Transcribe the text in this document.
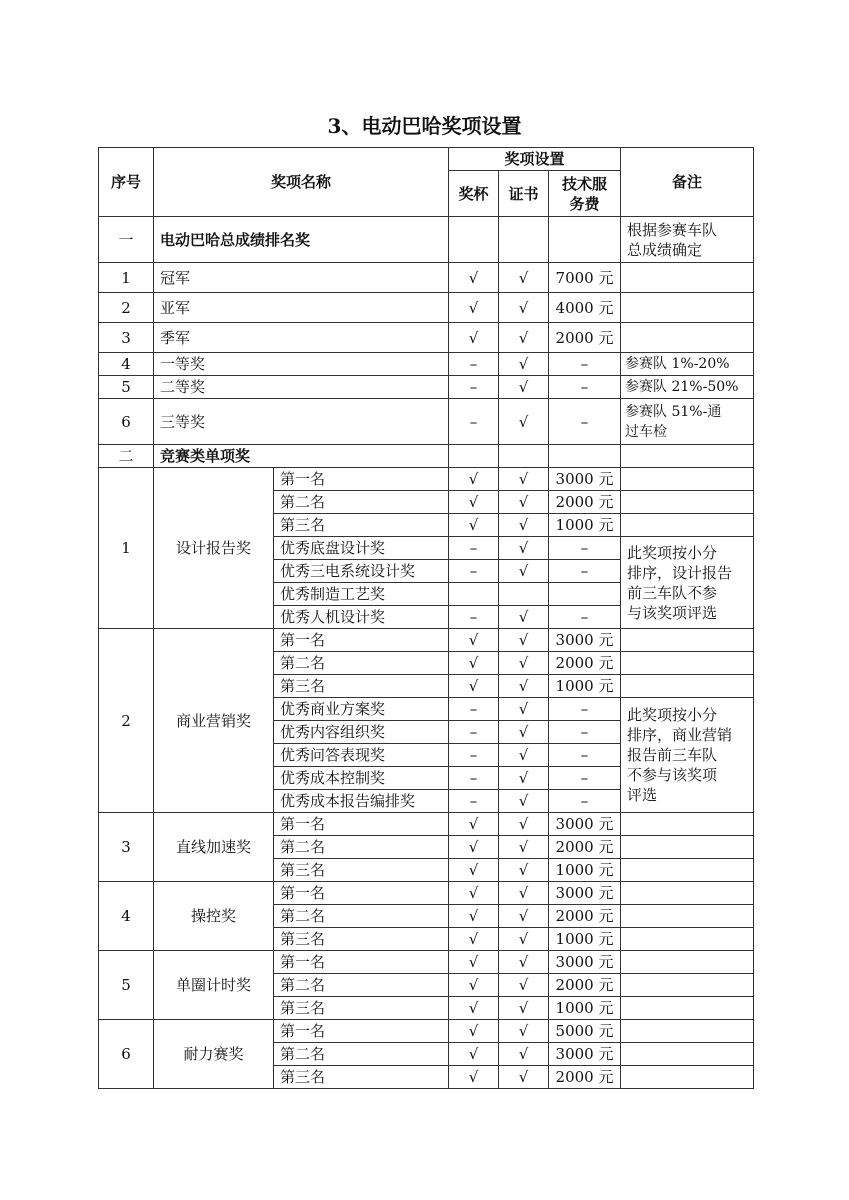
3、电动巴哈奖项设置
序号	奖项名称		奖项设置			备注
			奖杯	证书	技术服
务费	

一	电动巴哈总成绩排名奖					根据参赛车队
总成绩确定

1	冠军		√	√	7000 元	
2	亚军		√	√	4000 元	
3	季军		√	√	2000 元	
4	一等奖		–	√	–	参赛队 1%-20%
5	二等奖		–	√	–	参赛队 21%-50%
6	三等奖		–	√	–	参赛队 51%-通
过车检

二	竞赛类单项奖					
1	设计报告奖	第一名	√	√	3000 元	
		第二名	√	√	2000 元	
		第三名	√	√	1000 元	
		优秀底盘设计奖	–	√	–	此奖项按小分
排序，设计报告
前三车队不参
与该奖项评选

		优秀三电系统设计奖	–	√	–	
		优秀制造工艺奖				
		优秀人机设计奖	–	√	–	
2	商业营销奖	第一名	√	√	3000 元	
		第二名	√	√	2000 元	
		第三名	√	√	1000 元	
		优秀商业方案奖	–	√	–	此奖项按小分
排序，商业营销
报告前三车队
不参与该奖项
评选

		优秀内容组织奖	–	√	–	
		优秀问答表现奖	–	√	–	
		优秀成本控制奖	–	√	–	
		优秀成本报告编排奖	–	√	–	
3	直线加速奖	第一名	√	√	3000 元	
		第二名	√	√	2000 元	
		第三名	√	√	1000 元	
4	操控奖	第一名	√	√	3000 元	
		第二名	√	√	2000 元	
		第三名	√	√	1000 元	
5	单圈计时奖	第一名	√	√	3000 元	
		第二名	√	√	2000 元	
		第三名	√	√	1000 元	
6	耐力赛奖	第一名	√	√	5000 元	
		第二名	√	√	3000 元	
		第三名	√	√	2000 元	
